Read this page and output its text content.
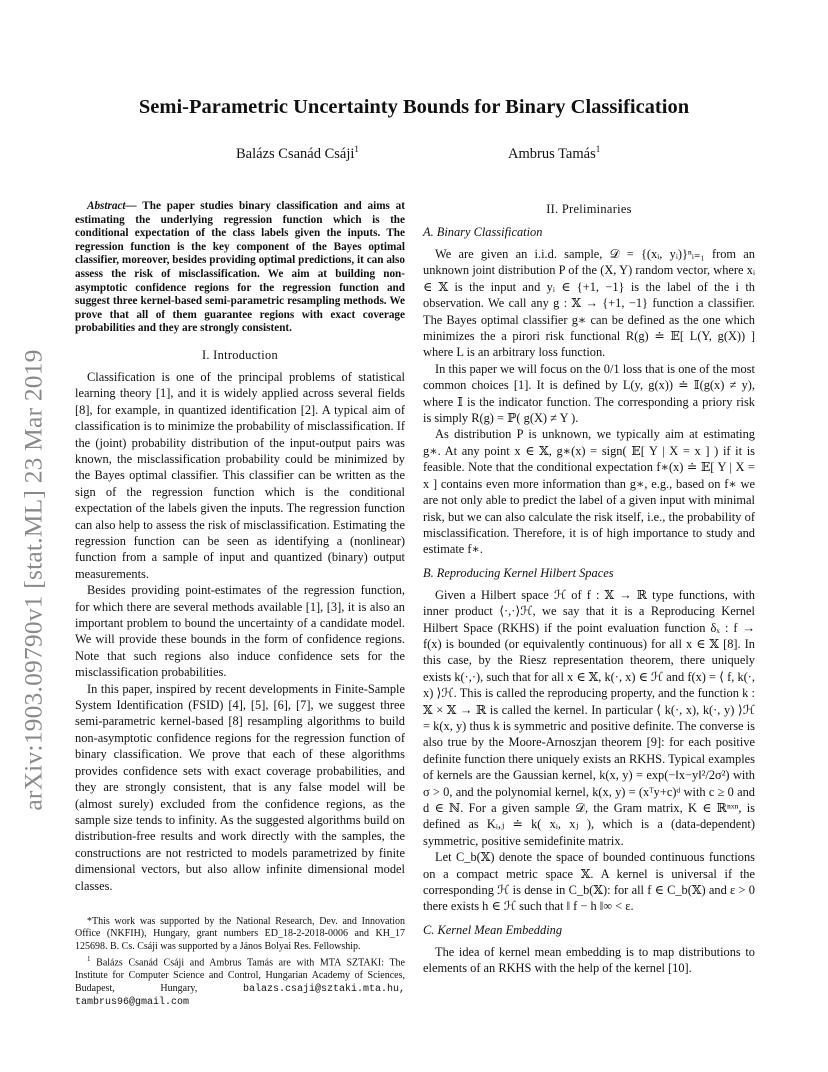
arXiv:1903.09790v1 [stat.ML] 23 Mar 2019
Semi-Parametric Uncertainty Bounds for Binary Classification
Balázs Csanád Csáji$^1$	Ambrus Tamás$^1$

Abstract— The paper studies binary classification and aims at estimating the underlying regression function which is the conditional expectation of the class labels given the inputs. The regression function is the key component of the Bayes optimal classifier, moreover, besides providing optimal predictions, it can also assess the risk of misclassification. We aim at building non-asymptotic confidence regions for the regression function and suggest three kernel-based semi-parametric resampling methods. We prove that all of them guarantee regions with exact coverage probabilities and they are strongly consistent.

I. Introduction

Classification is one of the principal problems of statistical learning theory [1], and it is widely applied across several fields [8], for example, in quantized identification [2]. A typical aim of classification is to minimize the probability of misclassification. If the (joint) probability distribution of the input-output pairs was known, the misclassification probability could be minimized by the Bayes optimal classifier. This classifier can be written as the sign of the regression function which is the conditional expectation of the labels given the inputs. The regression function can also help to assess the risk of misclassification. Estimating the regression function can be seen as identifying a (nonlinear) function from a sample of input and quantized (binary) output measurements.

Besides providing point-estimates of the regression function, for which there are several methods available [1], [3], it is also an important problem to bound the uncertainty of a candidate model. We will provide these bounds in the form of confidence regions. Note that such regions also induce confidence sets for the misclassification probabilities.

In this paper, inspired by recent developments in Finite-Sample System Identification (FSID) [4], [5], [6], [7], we suggest three semi-parametric kernel-based [8] resampling algorithms to build non-asymptotic confidence regions for the regression function of binary classification. We prove that each of these algorithms provides confidence sets with exact coverage probabilities, and they are strongly consistent, that is any false model will be (almost surely) excluded from the confidence regions, as the sample size tends to infinity. As the suggested algorithms build on distribution-free results and work directly with the samples, the constructions are not restricted to models parametrized by finite dimensional vectors, but also allow infinite dimensional model classes.

*This work was supported by the National Research, Dev. and Innovation Office (NKFIH), Hungary, grant numbers ED_18-2-2018-0006 and KH_17 125698. B. Cs. Csáji was supported by a János Bolyai Res. Fellowship.

$^1$ Balázs Csanád Csáji and Ambrus Tamás are with MTA SZTAKI: The Institute for Computer Science and Control, Hungarian Academy of Sciences, Budapest, Hungary, balazs.csaji@sztaki.mta.hu, tambrus96@gmail.com

II. Preliminaries
A. Binary Classification

We are given an i.i.d. sample, 𝒟 = {(xᵢ, yᵢ)}ⁿᵢ₌₁ from an unknown joint distribution P of the (X, Y) random vector, where xᵢ ∈ 𝕏 is the input and yᵢ ∈ {+1, −1} is the label of the i th observation. We call any g : 𝕏 → {+1, −1} function a classifier. The Bayes optimal classifier g∗ can be defined as the one which minimizes the a pirori risk functional R(g) ≐ 𝔼[ L(Y, g(X)) ] where L is an arbitrary loss function.

In this paper we will focus on the 0/1 loss that is one of the most common choices [1]. It is defined by L(y, g(x)) ≐ 𝕀(g(x) ≠ y), where 𝕀 is the indicator function. The corresponding a priory risk is simply R(g) = ℙ( g(X) ≠ Y ).

As distribution P is unknown, we typically aim at estimating g∗. At any point x ∈ 𝕏, g∗(x) = sign( 𝔼[ Y | X = x ] ) if it is feasible. Note that the conditional expectation f∗(x) ≐ 𝔼[ Y | X = x ] contains even more information than g∗, e.g., based on f∗ we are not only able to predict the label of a given input with minimal risk, but we can also calculate the risk itself, i.e., the probability of misclassification. Therefore, it is of high importance to study and estimate f∗.

B. Reproducing Kernel Hilbert Spaces

Given a Hilbert space ℋ of f : 𝕏 → ℝ type functions, with inner product ⟨·,·⟩ℋ, we say that it is a Reproducing Kernel Hilbert Space (RKHS) if the point evaluation function δₓ : f → f(x) is bounded (or equivalently continuous) for all x ∈ 𝕏 [8]. In this case, by the Riesz representation theorem, there uniquely exists k(·,·), such that for all x ∈ 𝕏, k(·, x) ∈ ℋ and f(x) = ⟨ f, k(·, x) ⟩ℋ. This is called the reproducing property, and the function k : 𝕏 × 𝕏 → ℝ is called the kernel. In particular ⟨ k(·, x), k(·, y) ⟩ℋ = k(x, y) thus k is symmetric and positive definite. The converse is also true by the Moore-Arnoszjan theorem [9]: for each positive definite function there uniquely exists an RKHS. Typical examples of kernels are the Gaussian kernel, k(x, y) = exp(−‖x−y‖²/2σ²) with σ > 0, and the polynomial kernel, k(x, y) = (xᵀy+c)ᵈ with c ≥ 0 and d ∈ ℕ. For a given sample 𝒟, the Gram matrix, K ∈ ℝⁿˣⁿ, is defined as Kᵢ,ⱼ ≐ k( xᵢ, xⱼ ), which is a (data-dependent) symmetric, positive semidefinite matrix.

Let C_b(𝕏) denote the space of bounded continuous functions on a compact metric space 𝕏. A kernel is universal if the corresponding ℋ is dense in C_b(𝕏): for all f ∈ C_b(𝕏) and ε > 0 there exists h ∈ ℋ such that ‖ f − h ‖∞ < ε.

C. Kernel Mean Embedding

The idea of kernel mean embedding is to map distributions to elements of an RKHS with the help of the kernel [10].
